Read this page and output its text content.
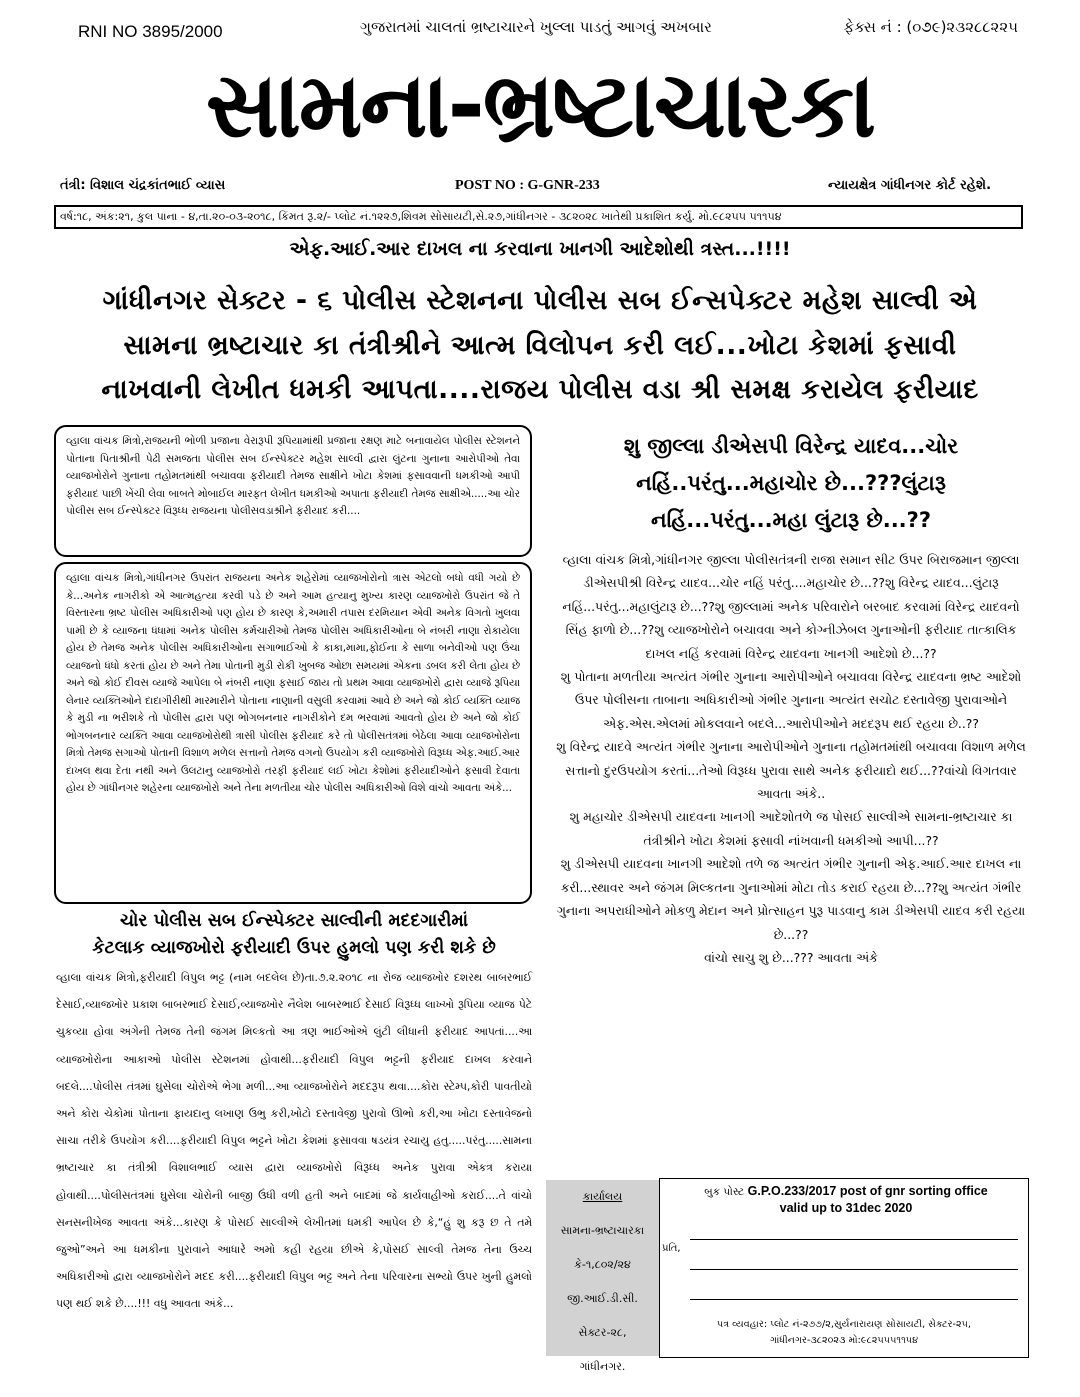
RNI NO 3895/2000	ગુજરાતમાં ચાલતાં ભ્રષ્ટાચારને ખુલ્લા પાડતું આગવું અખબાર	ફેક્સ નં : (૦૭૯)૨૩૨૮૮૨૨૫
સામના-ભ્રષ્ટાચારકા
તંત્રી: વિશાલ ચંદ્રકાંતભાઈ વ્યાસ	POST NO : G-GNR-233	ન્યાયક્ષેત્ર ગાંધીનગર કોર્ટ રહેશે.
વર્ષ:૧૮, અંક:૨૧, કુલ પાના - ૪,તા.૨૦-૦૩-૨૦૧૮, કિંમત રૂ.૨/- પ્લોટ નં.૧૨૨૭,શિવમ સોસાયટી,સે.૨૭,ગાંધીનગર - ૩૮૨૦૨૮ ખાતેથી પ્રકાશિત કર્યુ. મો.૯૮૨૫૫ ૫૧૧૫૪
એફ.આઈ.આર દાખલ ના કરવાના ખાનગી આદેશોથી ત્રસ્ત...!!!!
ગાંધીનગર સેક્ટર - ૬ પોલીસ સ્ટેશનના પોલીસ સબ ઈન્સપેક્ટર મહેશ સાલ્વી એ
સામના ભ્રષ્ટાચાર કા તંત્રીશ્રીને આત્મ વિલોપન કરી લઈ...ખોટા કેશમાં ફસાવી
નાખવાની લેખીત ધમકી આપતા....રાજય પોલીસ વડા શ્રી સમક્ષ કરાયેલ ફરીયાદ
વ્હાલા વાંચક મિત્રો,રાજયની ભોળી પ્રજાના વેરારૂપી રૂપિયામાંથી પ્રજાના રક્ષણ માટે બનાવાયેલ પોલીસ સ્ટેશનને પોતાના પિતાશ્રીની પેઢી સમજતા પોલીસ સબ ઈન્સ્પેક્ટર મહેશ સાલ્વી દ્વારા લુંટના ગુનાના આરોપીઓ તેવા વ્યાજખોરોને ગુનાના તહોમતમાંથી બચાવવા ફરીયાદી તેમજ સાક્ષીને ખોટા કેશમાં ફસાવવાની ધમકીઓ આપી ફરીયાદ પાછી ખેંચી લેવા બાબતે મોબાઈલ મારફત લેખીત ધમકીઓ અપાતા ફરીયાદી તેમજ સાક્ષીએ.....આ ચોર પોલીસ સબ ઈન્સ્પેક્ટર વિરૂધ્ધ રાજયના પોલીસવડાશ્રીને ફરીયાદ કરી....
વ્હાલા વાંચક મિત્રો,ગાંધીનગર ઉપરાંત રાજયના અનેક શહેરોમાં વ્યાજખોરોનો ત્રાસ એટલો બધો વધી ગયો છે કે...અનેક નાગરીકો એ આત્મહત્યા કરવી પડે છે અને આમ હત્યાનુ મુખ્ય કારણ વ્યાજખોરો ઉપરાંત જે તે વિસ્તારના ભ્રષ્ટ પોલીસ અધિકારીઓ પણ હોય છે કારણ કે,અમારી તપાસ દરમિયાન એવી અનેક વિગતો ખુલવા પામી છે કે વ્યાજના ધંધામાં અનેક પોલીસ કર્મચારીઓ તેમજ પોલીસ અધિકારીઓના બે નંબરી નાણા રોકાયેલા હોય છે તેમજ અનેક પોલીસ અધિકારીઓના સગાભાઈઓ કે કાકા,મામા,ફોઈના કે સાળા બનેવીઓ પણ ઉંચા વ્યાજનો ધંધો કરતાં હોય છે અને તેમા પોતાની મુડી રોકી ખુબજ ઓછા સમયમાં એકના ડબલ કરી લેતા હોય છે અને જો કોઈ દીવસ વ્યાજે આપેલા બે નંબરી નાણા ફસાઈ જાય તો પ્રથમ આવા વ્યાજખોરો દ્વારા વ્યાજે રૂપિયા લેનાર વ્યક્તિઓને દાદાગીરીથી મારમારીને પોતાના નાણાની વસુલી કરવામાં આવે છે અને જો કોઈ વ્યક્તિ વ્યાજ કે મુડી ના ભરીશકે તો પોલીસ દ્વારા પણ ભોગબનનાર નાગરીકોને દમ ભરવામાં આવતો હોય છે અને જો કોઈ ભોગબનનાર વ્યક્તિ આવા વ્યાજખોરોથી ત્રાસી પોલીસ ફરીયાદ કરે તો પોલીસતંત્રમાં બેઠેલા આવા વ્યાજખોરોના મિત્રો તેમજ સગાઓ પોતાની વિશાળ મળેલ સત્તાનો તેમજ વગનો ઉપયોગ કરી વ્યાજખોરો વિરૂધ્ધ એફ.આઈ.આર દાખલ થવા દેતા નથી અને ઉલટાનુ વ્યાજખોરો તરફી ફરીયાદ લઈ ખોટા કેશોમાં ફરીયાદીઓને ફસાવી દેવાતા હોય છે ગાંધીનગર શહેરના વ્યાજખોરો અને તેના મળતીયા ચોર પોલીસ અધિકારીઓ વિશે વાંચો આવતા અંકે...
ચોર પોલીસ સબ ઈન્સ્પેક્ટર સાલ્વીની મદદગારીમાં
કેટલાક વ્યાજખોરો ફરીયાદી ઉપર હુમલો પણ કરી શકે છે
વ્હાલા વાંચક મિત્રો,ફરીયાદી વિપુલ ભટ્ટ (નામ બદલેલ છે)તા.૭.૨.૨૦૧૮ ના રોજ વ્યાજખોર દશરથ બાબરભાઈ દેસાઈ,વ્યાજખોર પ્રકાશ બાબરભાઈ દેસાઈ,વ્યાજખોર નૈલેશ બાબરભાઈ દેસાઈ વિરૂધ્ધ લાખ્ખો રૂપિયા વ્યાજ પેટે ચુકવ્યા હોવા અંગેની તેમજ તેની જંગમ મિલ્કતો આ ત્રણ ભાઈઓએ લુંટી લીધાની ફરીયાદ આપતાં....આ વ્યાજખોરોના આકાઓ પોલીસ સ્ટેશનમાં હોવાથી...ફરીયાદી વિપુલ ભટ્ટની ફરીયાદ દાખલ કરવાને બદલે....પોલીસ તંત્રમાં ઘુસેલા ચોરોએ ભેગા મળી...આ વ્યાજખોરોને મદદરૂપ થવા....કોરા સ્ટેમ્પ,કોરી પાવતીયો અને કોરા ચેકોમાં પોતાના ફાયદાનુ લખાણ ઉભુ કરી,ખોટો દસ્તાવેજી પુરાવો ઊભો કરી,આ ખોટા દસ્તાવેજનો સાચા તરીકે ઉપયોગ કરી....ફરીયાદી વિપુલ ભટ્ટને ખોટા કેશમાં ફસાવવા ષડયંત્ર રચાયુ હતુ.....પરંતુ.....સામના ભ્રષ્ટાચાર કા તંત્રીશ્રી વિશાલભાઈ વ્યાસ દ્વારા વ્યાજખોરો વિરૂધ્ધ અનેક પુરાવા એકત્ર કરાયા હોવાથી....પોલીસતંત્રમાં ઘુસેલા ચોરોની બાજી ઉંધી વળી હતી અને બાદમાં જે કાર્યવાહીઓ કરાઈ....તે વાંચો સનસનીખેજ આવતા અંકે...કારણ કે પોસઈ સાલ્વીએ લેખીતમાં ધમકી આપેલ છે કે,“હું શુ કરૂ છ તે તમે જુઓ”અને આ ધમકીના પુરાવાને આધારે અમો કહી રહયા છીએ કે,પોસઈ સાલ્વી તેમજ તેના ઉચ્ચ અધિકારીઓ દ્વારા વ્યાજખોરોને મદદ કરી....ફરીયાદી વિપુલ ભટ્ટ અને તેના પરિવારના સભ્યો ઉપર ખુની હુમલો પણ થઈ શકે છે....!!! વધુ આવતા અંકે...
શુ જીલ્લા ડીએસપી વિરેન્દ્ર યાદવ...ચોર
નહિં..પરંતુ...મહાચોર છે...???લુંટારૂ
નહિં...પરંતુ...મહા લુંટારૂ છે...??

વ્હાલા વાંચક મિત્રો,ગાંધીનગર જીલ્લા પોલીસતંત્રની રાજા સમાન સીટ ઉપર બિરાજમાન જીલ્લા ડીએસપીશ્રી વિરેન્દ્ર યાદવ...ચોર નહિં પરંતુ....મહાચોર છે...??શુ વિરેન્દ્ર યાદવ...લુંટારૂ નહિં...પરંતુ...મહાલુંટારૂ છે...??શુ જીલ્લામાં અનેક પરિવારોને બરબાદ કરવામાં વિરેન્દ્ર યાદવનો સિંહ ફાળો છે...??શુ વ્યાજખોરોને બચાવવા અને કોગ્નીઝેબલ ગુનાઓની ફરીયાદ તાત્કાલિક દાખલ નહિં કરવામાં વિરેન્દ્ર યાદવના ખાનગી આદેશો છે...??

શુ પોતાના મળતીયા અત્યંત ગંભીર ગુનાના આરોપીઓને બચાવવા વિરેન્દ્ર યાદવના ભ્રષ્ટ આદેશો ઉપર પોલીસના તાબાના અધિકારીઓ ગંભીર ગુનાના અત્યંત સચોટ દસ્તાવેજી પુરાવાઓને એફ.એસ.એલમાં મોકલવાને બદલે...આરોપીઓને મદદરૂપ થઈ રહયા છે..??

શુ વિરેન્દ્ર યાદવે અત્યંત ગંભીર ગુનાના આરોપીઓને ગુનાના તહોમતમાંથી બચાવવા વિશાળ મળેલ સત્તાનો દુરઉપયોગ કરતાં...તેઓ વિરૂધ્ધ પુરાવા સાથે અનેક ફરીયાદો થઈ...??વાંચો વિગતવાર આવતા અંકે..

શુ મહાચોર ડીએસપી યાદવના ખાનગી આદેશોતળે જ પોસઈ સાલ્વીએ સામના-ભ્રષ્ટાચાર કા તંત્રીશ્રીને ખોટા કેશમાં ફસાવી નાંખવાની ધમકીઓ આપી...??

શુ ડીએસપી યાદવના ખાનગી આદેશો તળે જ અત્યંત ગંભીર ગુનાની એફ.આઈ.આર દાખલ ના કરી...સ્થાવર અને જંગમ મિલ્કતના ગુનાઓમાં મોટા તોડ કરાઈ રહયા છે...??શુ અત્યંત ગંભીર ગુનાના અપરાધીઓને મોકળુ મેદાન અને પ્રોત્સાહન પુરૂ પાડવાનુ કામ ડીએસપી યાદવ કરી રહયા છે...??

વાંચો સાચુ શુ છે...??? આવતા અંકે

કાર્યાલય
સામના-ભ્રષ્ટાચારકા
કે-૧,૮૦૨/૨૪
જી.આઈ.ડી.સી.
સેક્ટર-૨૮,
ગાંધીનગર.
બુક પોસ્ટ G.P.O.233/2017 post of gnr sorting office
valid up to 31dec 2020
પ્રતિ,
પત્ર વ્યવહાર: પ્લોટ નં-૨૭૭/૨,સુર્યનારાયણ સોસાયટી, સેક્ટર-૨૫,
ગાંધીનગર-૩૮૨૦૨૩ મો:૯૮૨૫૫૫૧૧૫૪
